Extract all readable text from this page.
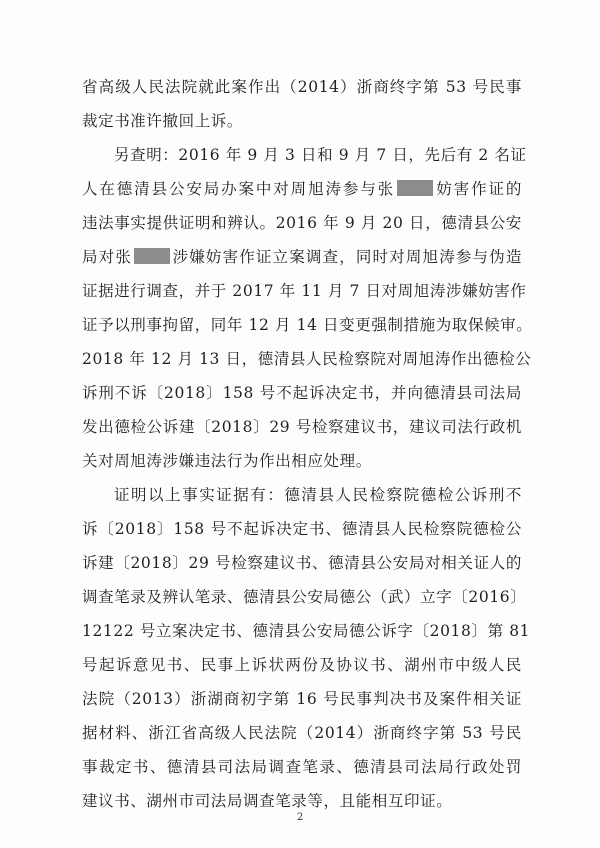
省高级人民法院就此案作出（2014）浙商终字第 53 号民事
裁定书准许撤回上诉。
另查明：2016 年 9 月 3 日和 9 月 7 日，先后有 2 名证
人在德清县公安局办案中对周旭涛参与张	妨害作证的
违法事实提供证明和辨认。2016 年 9 月 20 日，德清县公安
局对张	涉嫌妨害作证立案调查，同时对周旭涛参与伪造
证据进行调查，并于 2017 年 11 月 7 日对周旭涛涉嫌妨害作
证予以刑事拘留，同年 12 月 14 日变更强制措施为取保候审。
2018 年 12 月 13 日，德清县人民检察院对周旭涛作出德检公
诉刑不诉〔2018〕158 号不起诉决定书，并向德清县司法局
发出德检公诉建〔2018〕29 号检察建议书，建议司法行政机
关对周旭涛涉嫌违法行为作出相应处理。
证明以上事实证据有：德清县人民检察院德检公诉刑不
诉〔2018〕158 号不起诉决定书、德清县人民检察院德检公
诉建〔2018〕29 号检察建议书、德清县公安局对相关证人的
调查笔录及辨认笔录、德清县公安局德公（武）立字〔2016〕
12122 号立案决定书、德清县公安局德公诉字〔2018〕第 81
号起诉意见书、民事上诉状两份及协议书、湖州市中级人民
法院（2013）浙湖商初字第 16 号民事判决书及案件相关证
据材料、浙江省高级人民法院（2014）浙商终字第 53 号民
事裁定书、德清县司法局调查笔录、德清县司法局行政处罚
建议书、湖州市司法局调查笔录等，且能相互印证。
2
